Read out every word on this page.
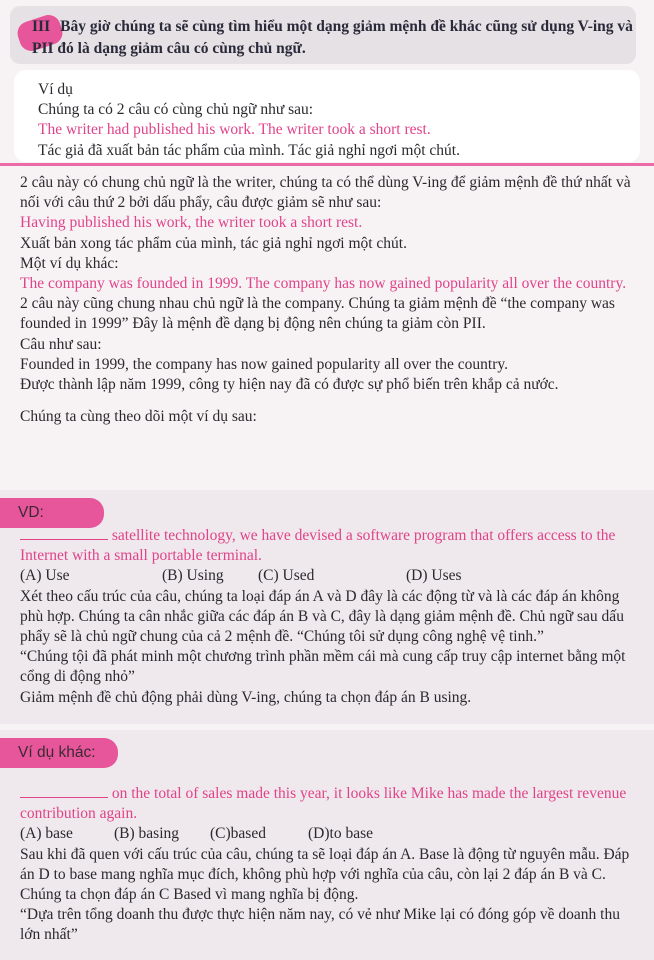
III Bây giờ chúng ta sẽ cùng tìm hiểu một dạng giảm mệnh đề khác cũng sử dụng V-ing và PII đó là dạng giảm câu có cùng chủ ngữ.

Ví dụ

Chúng ta có 2 câu có cùng chủ ngữ như sau:

The writer had published his work. The writer took a short rest.

Tác giả đã xuất bản tác phẩm của mình. Tác giả nghỉ ngơi một chút.

2 câu này có chung chủ ngữ là the writer, chúng ta có thể dùng V-ing để giảm mệnh đề thứ nhất và nối với câu thứ 2 bởi dấu phẩy, câu được giảm sẽ như sau:

Having published his work, the writer took a short rest.

Xuất bản xong tác phẩm của mình, tác giả nghỉ ngơi một chút.

Một ví dụ khác:

The company was founded in 1999. The company has now gained popularity all over the country.

2 câu này cũng chung nhau chủ ngữ là the company. Chúng ta giảm mệnh đề “the company was founded in 1999” Đây là mệnh đề dạng bị động nên chúng ta giảm còn PII.

Câu như sau:

Founded in 1999, the company has now gained popularity all over the country.

Được thành lập năm 1999, công ty hiện nay đã có được sự phổ biến trên khắp cả nước.

Chúng ta cùng theo dõi một ví dụ sau:

VD:

satellite technology, we have devised a software program that offers access to the Internet with a small portable terminal.

(A) Use	(B) Using (C) Used	(D) Uses

Xét theo cấu trúc của câu, chúng ta loại đáp án A và D đây là các động từ và là các đáp án không phù hợp. Chúng ta cân nhắc giữa các đáp án B và C, đây là dạng giảm mệnh đề. Chủ ngữ sau dấu phẩy sẽ là chủ ngữ chung của cả 2 mệnh đề. “Chúng tôi sử dụng công nghệ vệ tinh.”

“Chúng tội đã phát minh một chương trình phần mềm cái mà cung cấp truy cập internet bằng một cổng di động nhỏ”

Giảm mệnh đề chủ động phải dùng V-ing, chúng ta chọn đáp án B using.

Ví dụ khác:

on the total of sales made this year, it looks like Mike has made the largest revenue contribution again.

(A) base	(B) basing (C)based	(D)to base

Sau khi đã quen với cấu trúc của câu, chúng ta sẽ loại đáp án A. Base là động từ nguyên mẫu. Đáp án D to base mang nghĩa mục đích, không phù hợp với nghĩa của câu, còn lại 2 đáp án B và C. Chúng ta chọn đáp án C Based vì mang nghĩa bị động.

“Dựa trên tổng doanh thu được thực hiện năm nay, có vẻ như Mike lại có đóng góp về doanh thu lớn nhất”
